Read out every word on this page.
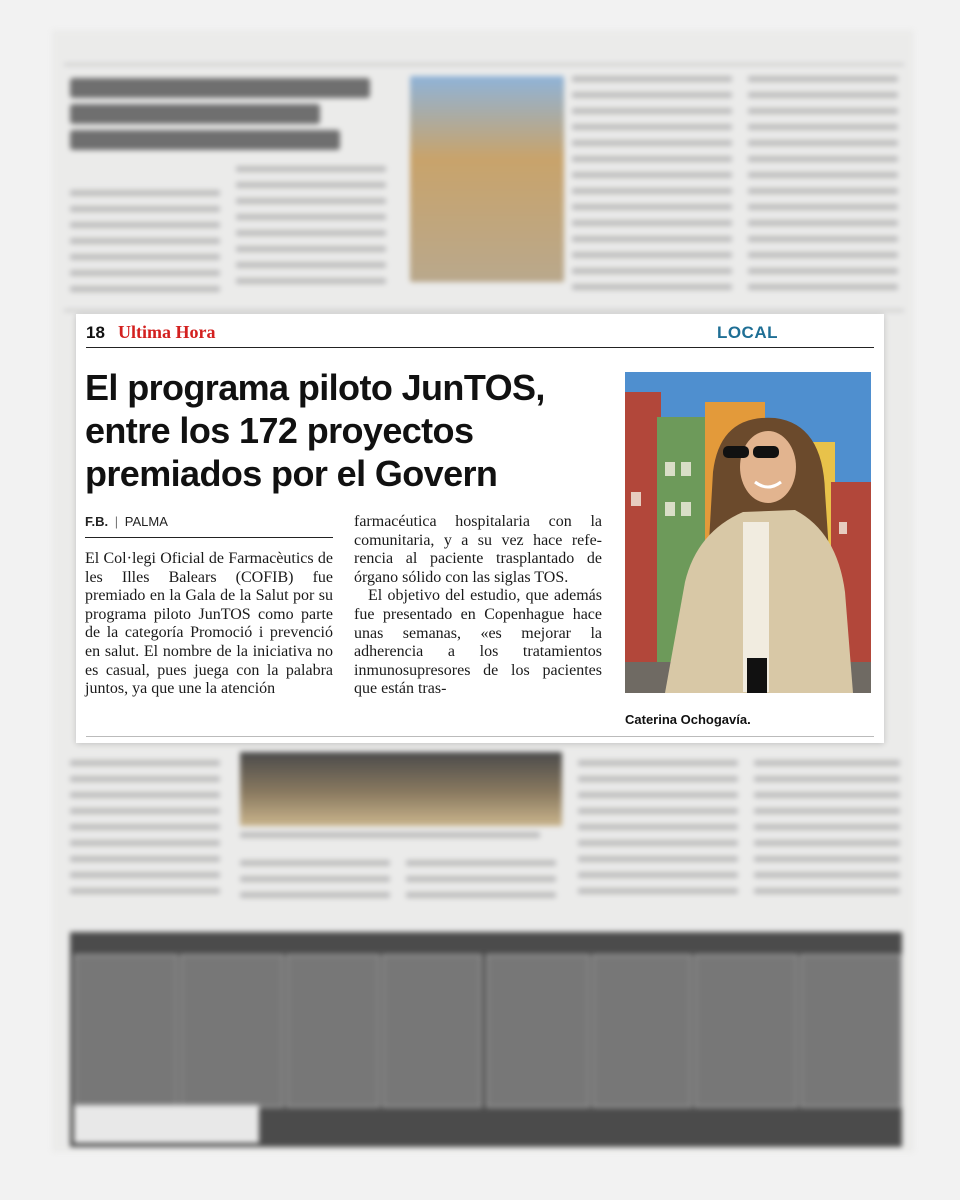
18 Ultima Hora	LOCAL
El programa piloto JunTOS, entre los 172 proyectos premiados por el Govern
F.B. | PALMA

El Col·legi Oficial de Farmacèutics de les Illes Balears (COFIB) fue premiado en la Gala de la Salut por su programa piloto JunTOS como parte de la categoría Promoció i prevenció en salut. El nombre de la iniciativa no es casual, pues juega con la palabra juntos, ya que une la atención

farmacéutica hospitalaria con la comunitaria, y a su vez hace referencia al paciente trasplantado de órgano sólido con las siglas TOS.

El objetivo del estudio, que además fue presentado en Copenhague hace unas semanas, «es mejorar la adherencia a los tratamientos inmunosupresores de los pacientes que están tras-

Caterina Ochogavía.
